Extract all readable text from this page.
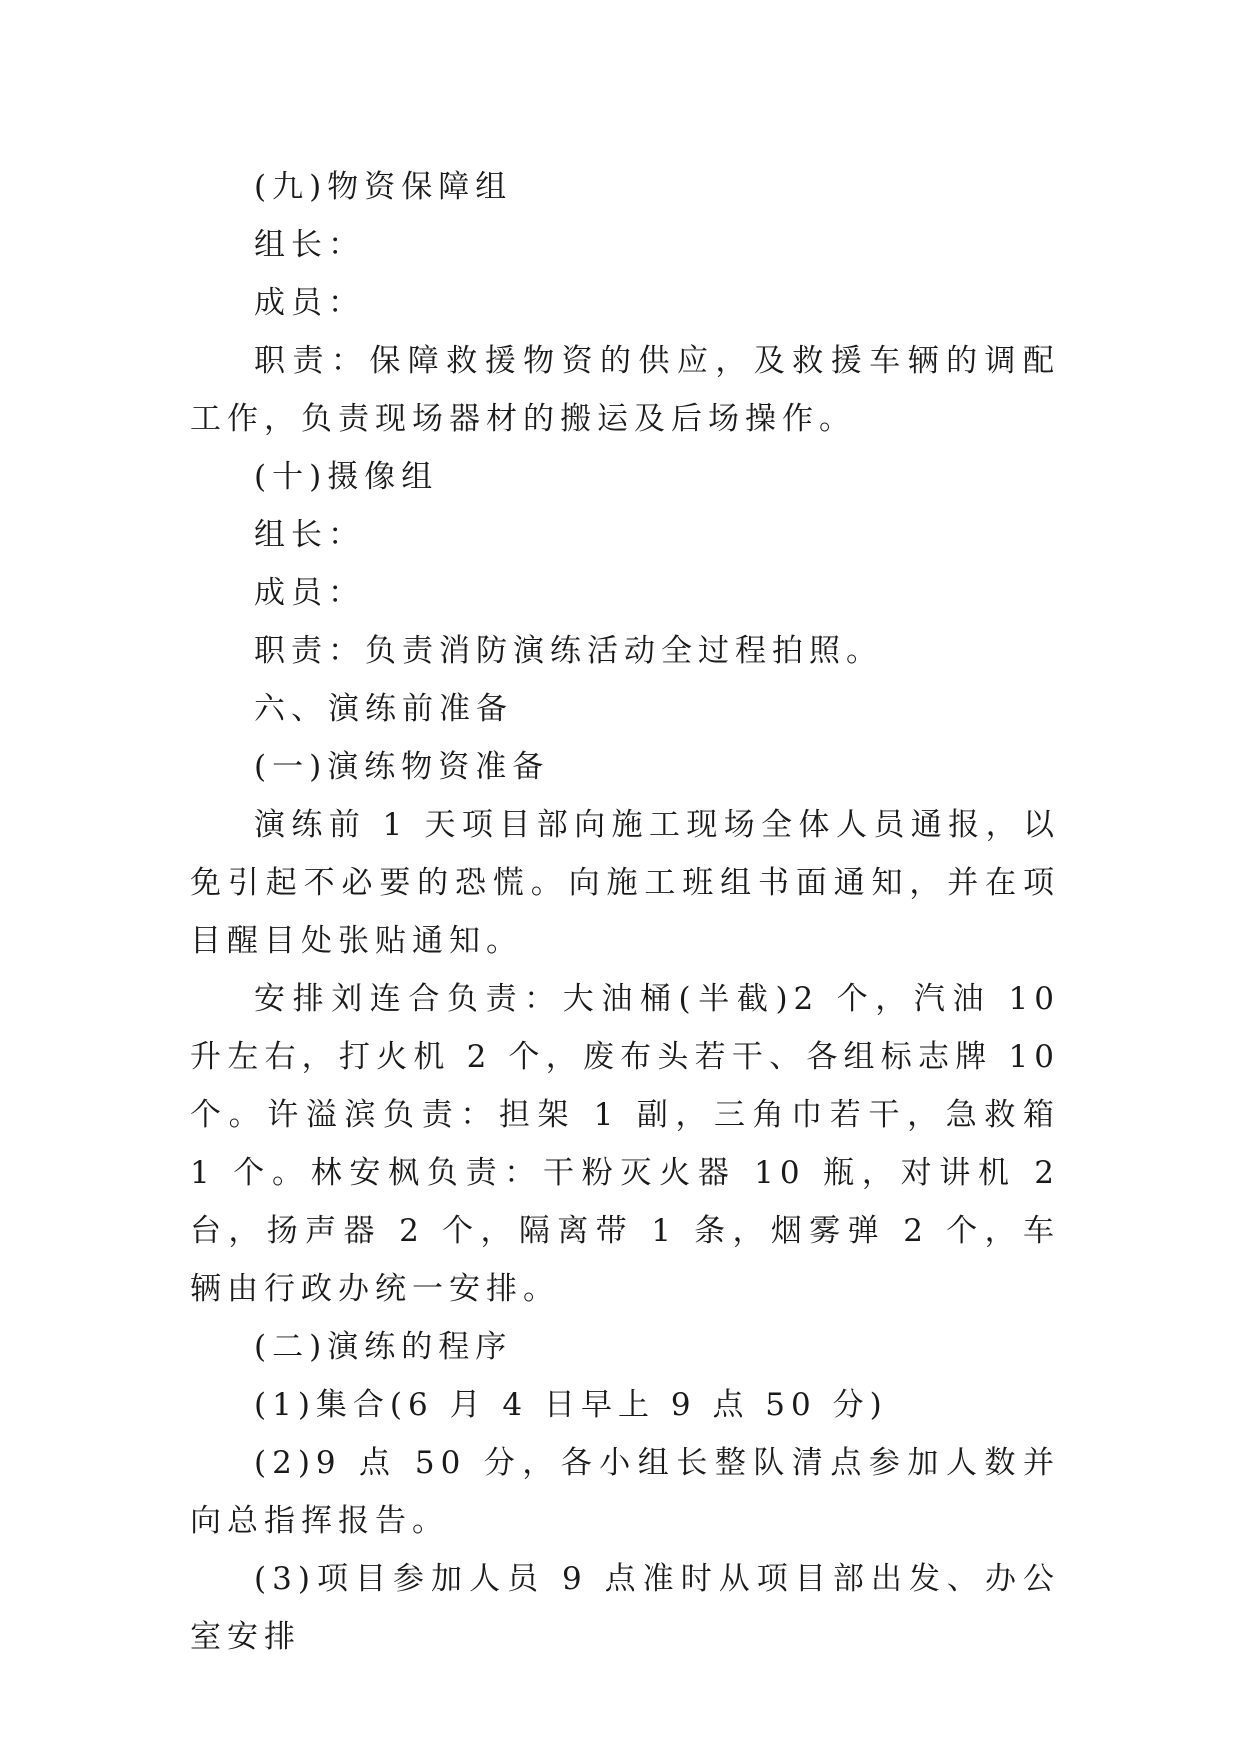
(九)物资保障组

组长：

成员：

职责：保障救援物资的供应，及救援车辆的调配工作，负责现场器材的搬运及后场操作。

(十)摄像组

组长：

成员：

职责：负责消防演练活动全过程拍照。

六、演练前准备

(一)演练物资准备

演练前 1 天项目部向施工现场全体人员通报，以免引起不必要的恐慌。向施工班组书面通知，并在项目醒目处张贴通知。

安排刘连合负责：大油桶(半截)2 个，汽油 10 升左右，打火机 2 个，废布头若干、各组标志牌 10 个。许溢滨负责：担架 1 副，三角巾若干，急救箱 1 个。林安枫负责：干粉灭火器 10 瓶，对讲机 2 台，扬声器 2 个，隔离带 1 条，烟雾弹 2 个，车辆由行政办统一安排。

(二)演练的程序

(1)集合(6 月 4 日早上 9 点 50 分)

(2)9 点 50 分，各小组长整队清点参加人数并向总指挥报告。

(3)项目参加人员 9 点准时从项目部出发、办公室安排
